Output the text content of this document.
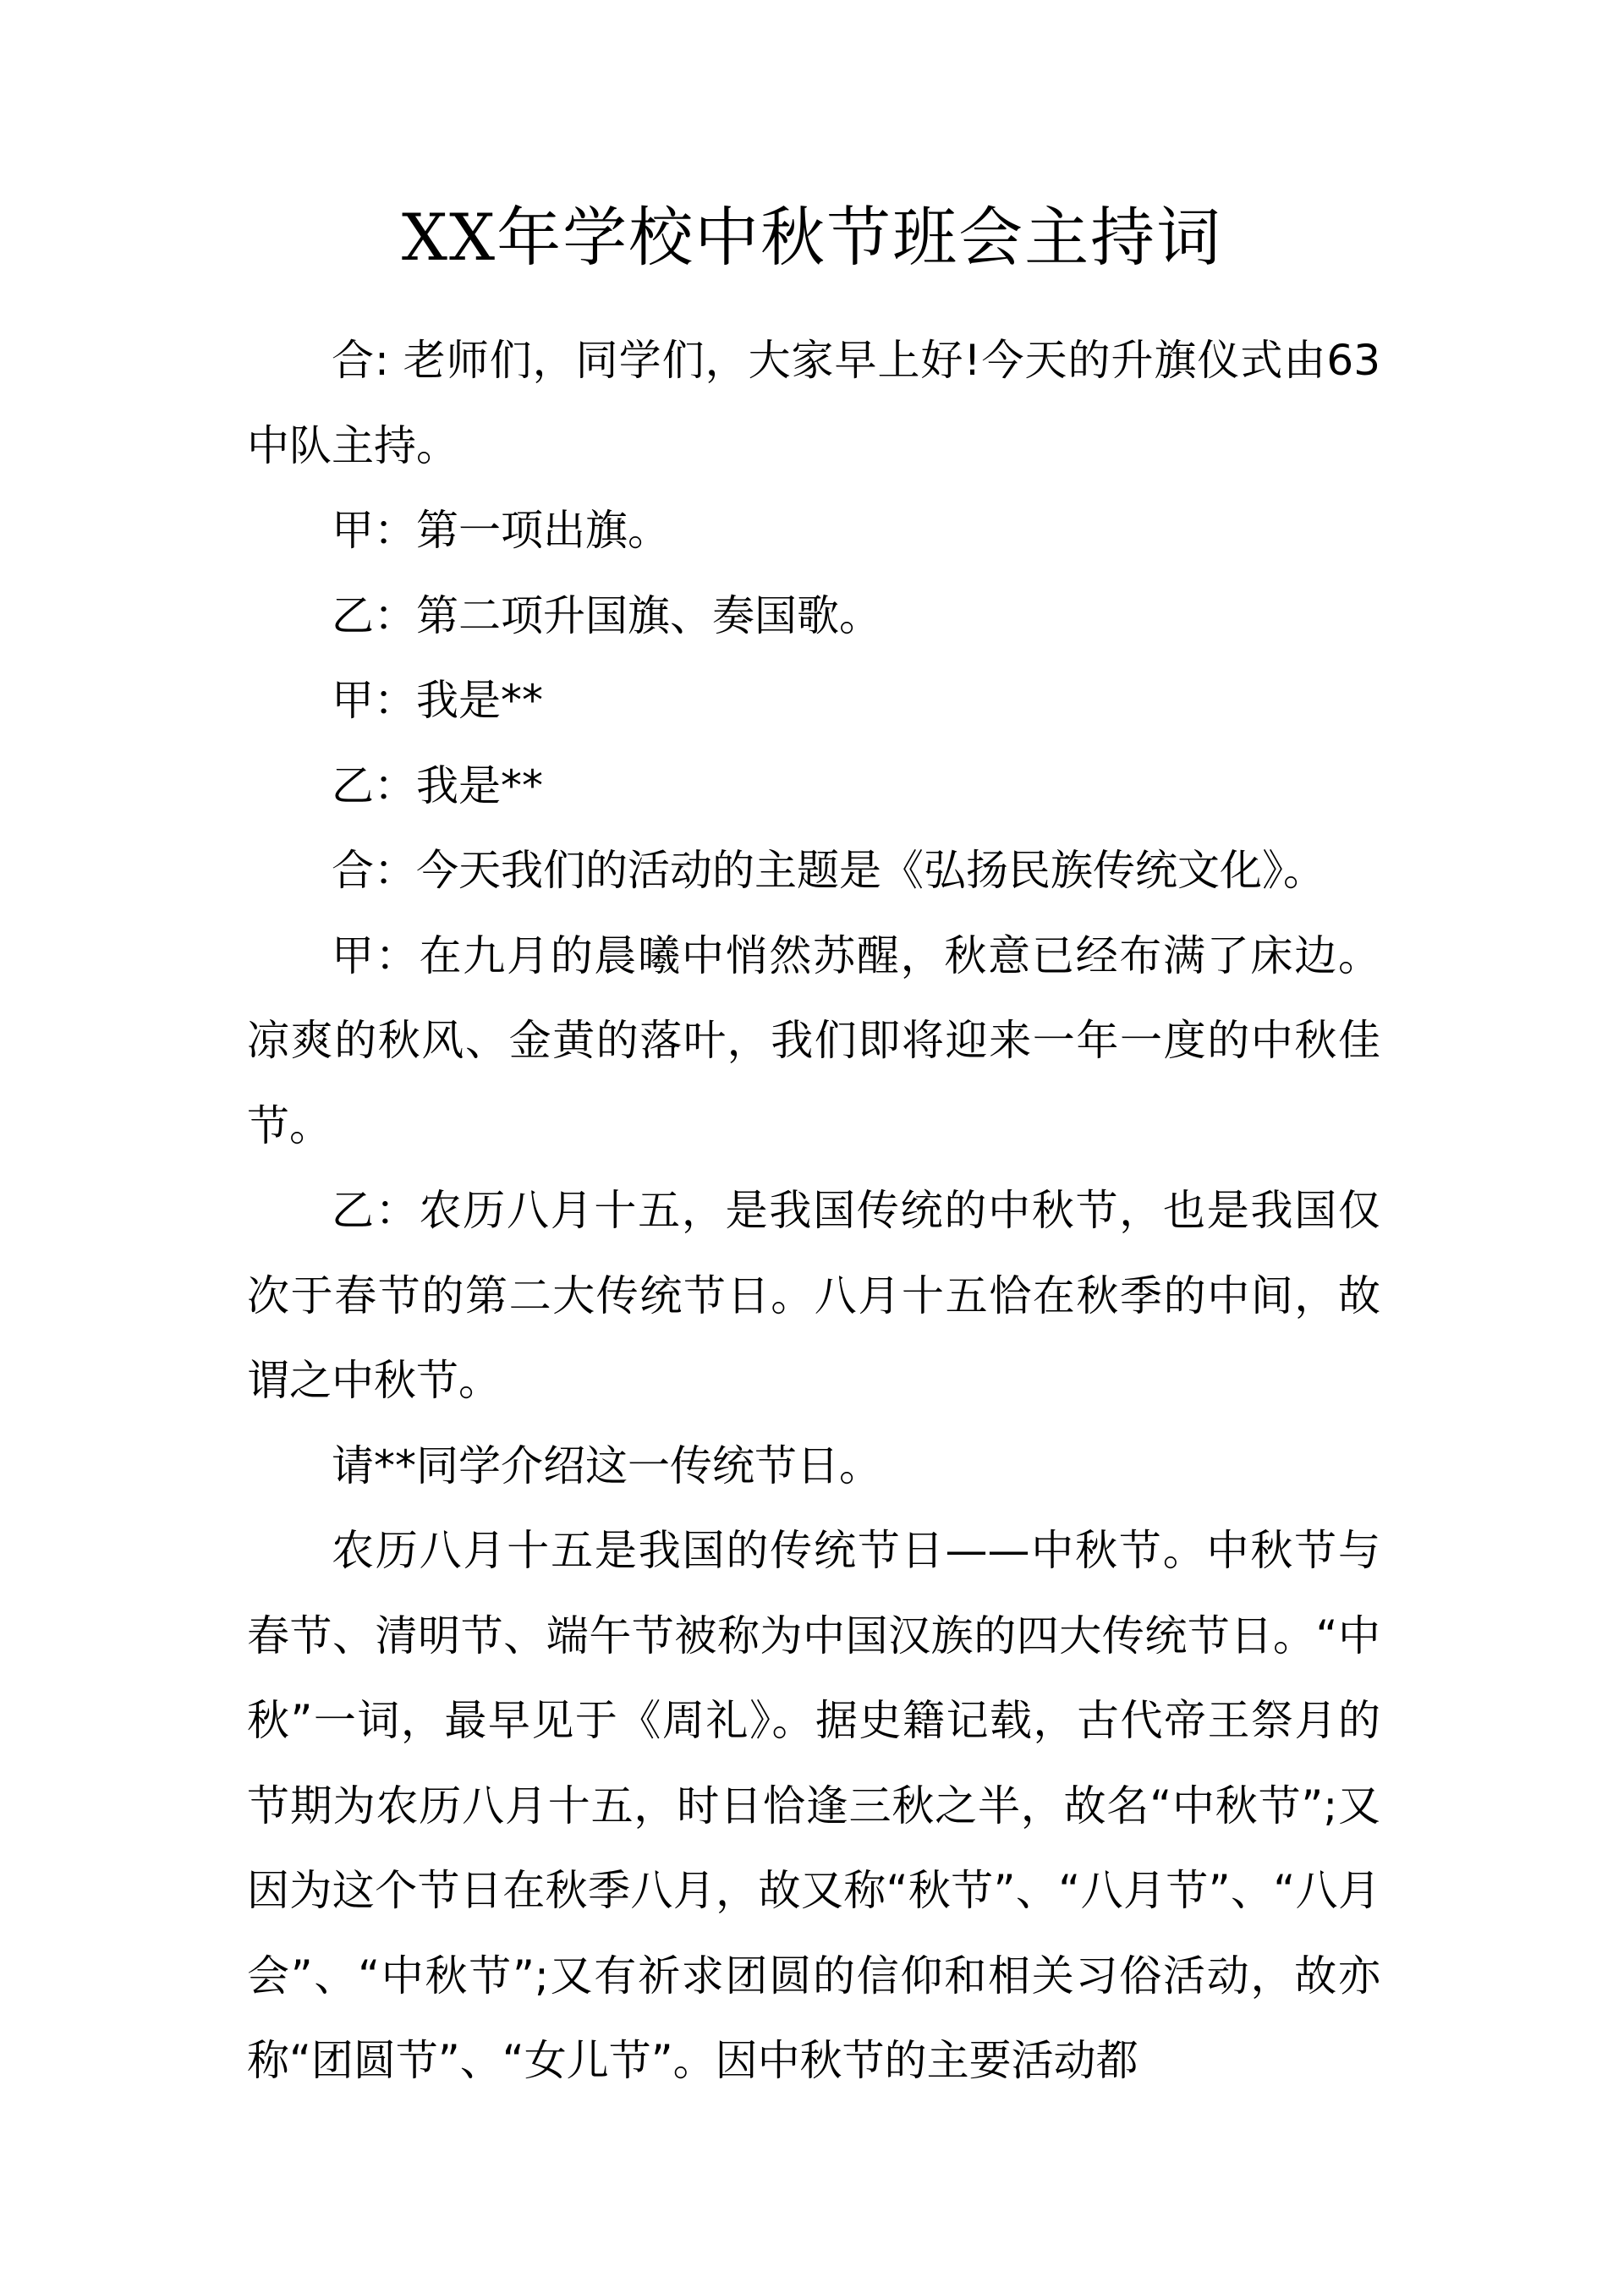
XX年学校中秋节班会主持词

合: 老师们，同学们，大家早上好!今天的升旗仪式由63中队主持。

甲：第一项出旗。

乙：第二项升国旗、奏国歌。

甲：我是**

乙：我是**

合：今天我们的活动的主题是《弘扬民族传统文化》。

甲：在九月的晨曦中悄然苏醒，秋意已经布满了床边。凉爽的秋风、金黄的落叶，我们即将迎来一年一度的中秋佳节。

乙：农历八月十五，是我国传统的中秋节，也是我国仅次于春节的第二大传统节日。八月十五恰在秋季的中间，故谓之中秋节。

请**同学介绍这一传统节日。

农历八月十五是我国的传统节日——中秋节。中秋节与春节、清明节、端午节被称为中国汉族的四大传统节日。“中秋”一词，最早见于《周礼》。据史籍记载，古代帝王祭月的节期为农历八月十五，时日恰逢三秋之半，故名“中秋节”;又因为这个节日在秋季八月，故又称“秋节”、“八月节”、“八月会”、“中秋节”;又有祈求团圆的信仰和相关习俗活动，故亦称“团圆节”、“女儿节”。因中秋节的主要活动都
